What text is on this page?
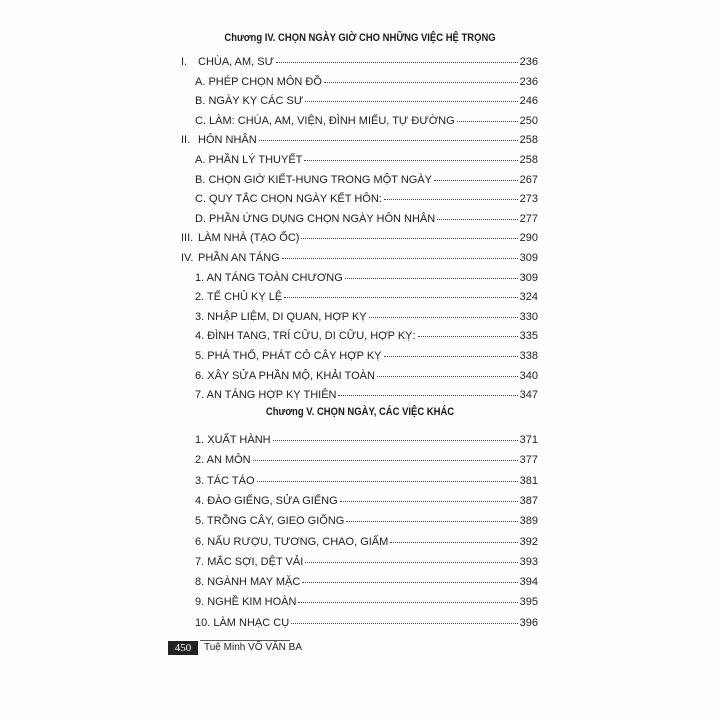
Chương IV. CHỌN NGÀY GIỜ CHO NHỮNG VIỆC HỆ TRỌNG
I. CHÙA, AM, SƯ	236
A. PHÉP CHỌN MÔN ĐỒ	236
B. NGÀY KỴ CÁC SƯ	246
C. LÀM: CHÙA, AM, VIỆN, ĐÌNH MIẾU, TỰ ĐƯỜNG	250
II. HÔN NHÂN	258
A. PHẦN LÝ THUYẾT	258
B. CHỌN GIỜ KIẾT-HUNG TRONG MỘT NGÀY	267
C. QUY TẮC CHỌN NGÀY KẾT HÔN:	273
D. PHẦN ỨNG DỤNG CHỌN NGÀY HÔN NHÂN	277
III. LÀM NHÀ (TẠO ỐC)	290
IV. PHẦN AN TÁNG	309
1. AN TÁNG TOÀN CHƯƠNG	309
2. TẾ CHỦ KỴ LỆ	324
3. NHẬP LIỆM, DI QUAN, HỢP KỴ	330
4. ĐÌNH TANG, TRÍ CỮU, DI CỮU, HỢP KỴ:	335
5. PHÁ THỔ, PHÁT CỎ CÂY HỢP KỴ	338
6. XÂY SỬA PHẦN MỘ, KHẢI TOÀN	340
7. AN TÁNG HỢP KỴ THIÊN	347
Chương V. CHỌN NGÀY, CÁC VIỆC KHÁC
1. XUẤT HÀNH	371
2. AN MÔN	377
3. TÁC TÁO	381
4. ĐÀO GIẾNG, SỬA GIẾNG	387
5. TRỒNG CÂY, GIEO GIỐNG	389
6. NẤU RƯỢU, TƯƠNG, CHAO, GIẤM	392
7. MẮC SỢI, DỆT VẢI	393
8. NGÀNH MAY MẶC	394
9. NGHỀ KIM HOÀN	395
10. LÀM NHẠC CỤ	396
450	Tuệ Minh VÕ VĂN BA
